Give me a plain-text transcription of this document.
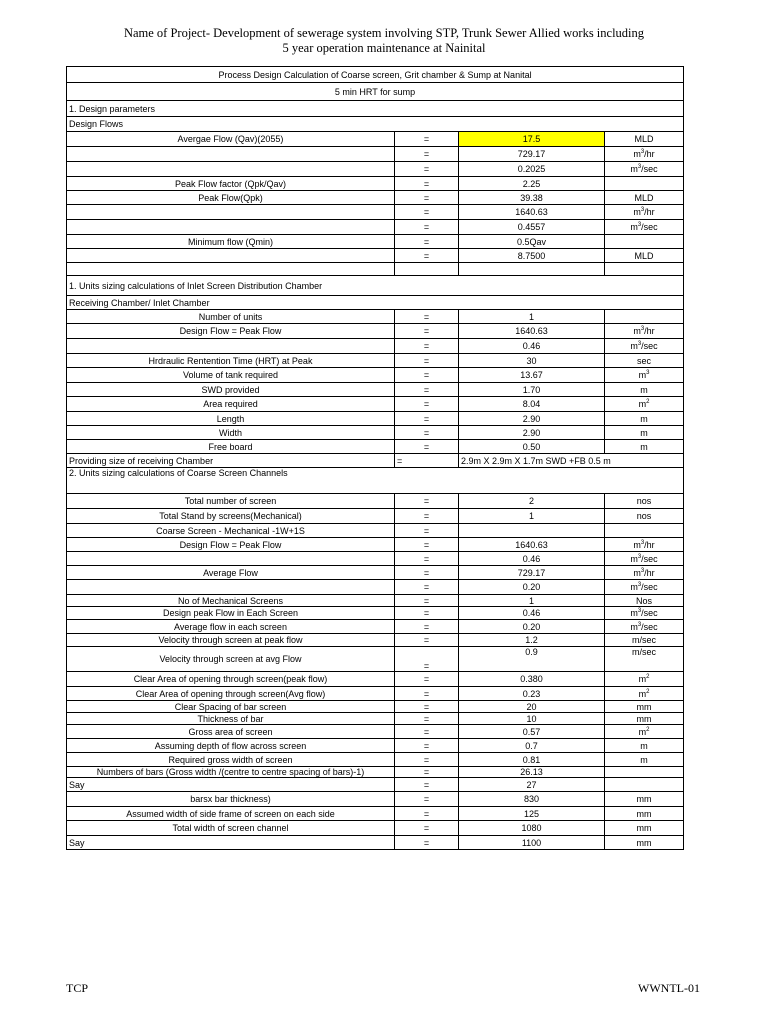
Name of Project- Development of sewerage system involving STP, Trunk Sewer Allied works including
5 year operation maintenance at Nainital
Process Design Calculation of Coarse screen, Grit chamber & Sump at Nanital			
5 min HRT for sump			
1. Design parameters			
Design Flows			
Avergae Flow (Qav)(2055)	=	17.5	MLD
	=	729.17	$m^3/hr$
	=	0.2025	$m^3/\sec$
Peak Flow factor (Qpk/Qav)	=	2.25	
Peak Flow(Qpk)	=	39.38	MLD
	=	1640.63	$m^3/hr$
	=	0.4557	$m^3/\sec$
Minimum flow (Qmin)	=	0.5Qav	
	=	8.7500	MLD

1. Units sizing calculations of Inlet Screen Distribution Chamber			
Receiving Chamber/ Inlet Chamber			
Number of units	=	1	
Design Flow = Peak Flow	=	1640.63	$m^3/hr$
	=	0.46	$m^3/\sec$
Hrdraulic Rentention Time (HRT) at Peak	=	30	sec
Volume of tank required	=	13.67	$m^3$
SWD provided	=	1.70	m
Area required	=	8.04	$m^2$
Length	=	2.90	m
Width	=	2.90	m
Free board	=	0.50	m
Providing size of receiving Chamber	=	2.9m X 2.9m X 1.7m SWD +FB 0.5 m	
2. Units sizing calculations of Coarse Screen Channels			
Total number of screen	=	2	nos
Total Stand by screens(Mechanical)	=	1	nos
Coarse Screen - Mechanical -1W+1S	=		
Design Flow = Peak Flow	=	1640.63	$m^3/hr$
	=	0.46	$m^3/\sec$
Average Flow	=	729.17	$m^3/hr$
	=	0.20	$m^3/\sec$
No of Mechanical Screens	=	1	Nos
Design peak Flow in Each Screen	=	0.46	$m^3/\sec$
Average flow in each screen	=	0.20	$m^3/\sec$
Velocity through screen at peak flow	=	1.2	m/sec
Velocity through screen at avg Flow	=	0.9	m/sec
Clear Area of opening through screen(peak flow)	=	0.380	$m^2$
Clear Area of opening through screen(Avg flow)	=	0.23	$m^2$
Clear Spacing of bar screen	=	20	mm
Thickness of bar	=	10	mm
Gross area of screen	=	0.57	$m^2$
Assuming depth of flow across screen	=	0.7	m
Required gross width of screen	=	0.81	m
Numbers of bars (Gross width /(centre to centre spacing of bars)-1)	=	26.13	
Say	=	27	
barsx bar thickness)	=	830	mm
Assumed width of side frame of screen on each side	=	125	mm
Total width of screen channel	=	1080	mm
Say	=	1100	mm
TCP	WWNTL-01
